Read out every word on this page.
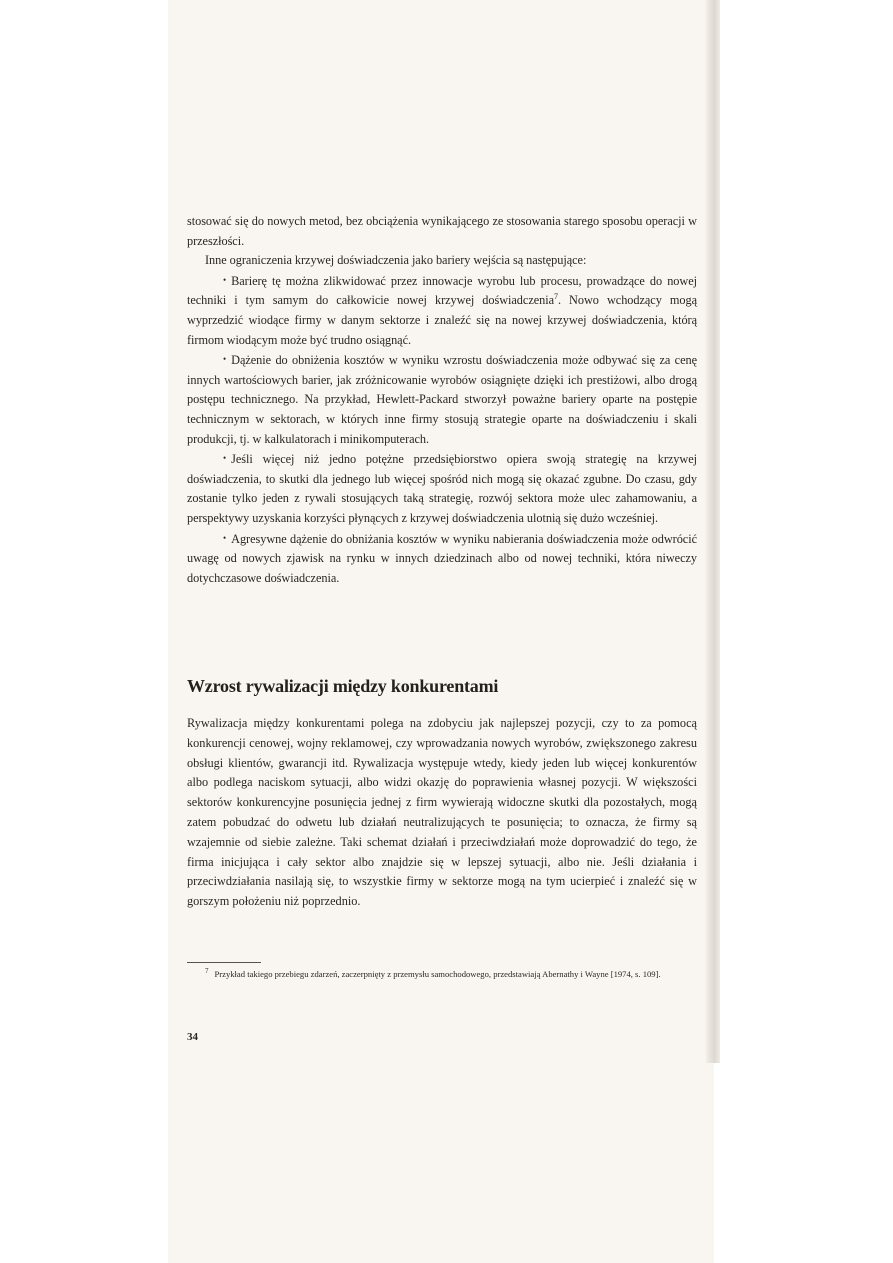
stosować się do nowych metod, bez obciążenia wynikającego ze stosowania starego sposobu operacji w przeszłości.

Inne ograniczenia krzywej doświadczenia jako bariery wejścia są następujące:

• Barierę tę można zlikwidować przez innowacje wyrobu lub procesu, prowadzące do nowej techniki i tym samym do całkowicie nowej krzywej doświadczenia$^7$. Nowo wchodzący mogą wyprzedzić wiodące firmy w danym sektorze i znaleźć się na nowej krzywej doświadczenia, którą firmom wiodącym może być trudno osiągnąć.

• Dążenie do obniżenia kosztów w wyniku wzrostu doświadczenia może odbywać się za cenę innych wartościowych barier, jak zróżnicowanie wyrobów osiągnięte dzięki ich prestiżowi, albo drogą postępu technicznego. Na przykład, Hewlett-Packard stworzył poważne bariery oparte na postępie technicznym w sektorach, w których inne firmy stosują strategie oparte na doświadczeniu i skali produkcji, tj. w kalkulatorach i minikomputerach.

• Jeśli więcej niż jedno potężne przedsiębiorstwo opiera swoją strategię na krzywej doświadczenia, to skutki dla jednego lub więcej spośród nich mogą się okazać zgubne. Do czasu, gdy zostanie tylko jeden z rywali stosujących taką strategię, rozwój sektora może ulec zahamowaniu, a perspektywy uzyskania korzyści płynących z krzywej doświadczenia ulotnią się dużo wcześniej.

• Agresywne dążenie do obniżania kosztów w wyniku nabierania doświadczenia może odwrócić uwagę od nowych zjawisk na rynku w innych dziedzinach albo od nowej techniki, która niweczy dotychczasowe doświadczenia.

Wzrost rywalizacji między konkurentami

Rywalizacja między konkurentami polega na zdobyciu jak najlepszej pozycji, czy to za pomocą konkurencji cenowej, wojny reklamowej, czy wprowadzania nowych wyrobów, zwiększonego zakresu obsługi klientów, gwarancji itd. Rywalizacja występuje wtedy, kiedy jeden lub więcej konkurentów albo podlega naciskom sytuacji, albo widzi okazję do poprawienia własnej pozycji. W większości sektorów konkurencyjne posunięcia jednej z firm wywierają widoczne skutki dla pozostałych, mogą zatem pobudzać do odwetu lub działań neutralizujących te posunięcia; to oznacza, że firmy są wzajemnie od siebie zależne. Taki schemat działań i przeciwdziałań może doprowadzić do tego, że firma inicjująca i cały sektor albo znajdzie się w lepszej sytuacji, albo nie. Jeśli działania i przeciwdziałania nasilają się, to wszystkie firmy w sektorze mogą na tym ucierpieć i znaleźć się w gorszym położeniu niż poprzednio.

$^7$ Przykład takiego przebiegu zdarzeń, zaczerpnięty z przemysłu samochodowego, przedstawiają Abernathy i Wayne [1974, s. 109].
34
